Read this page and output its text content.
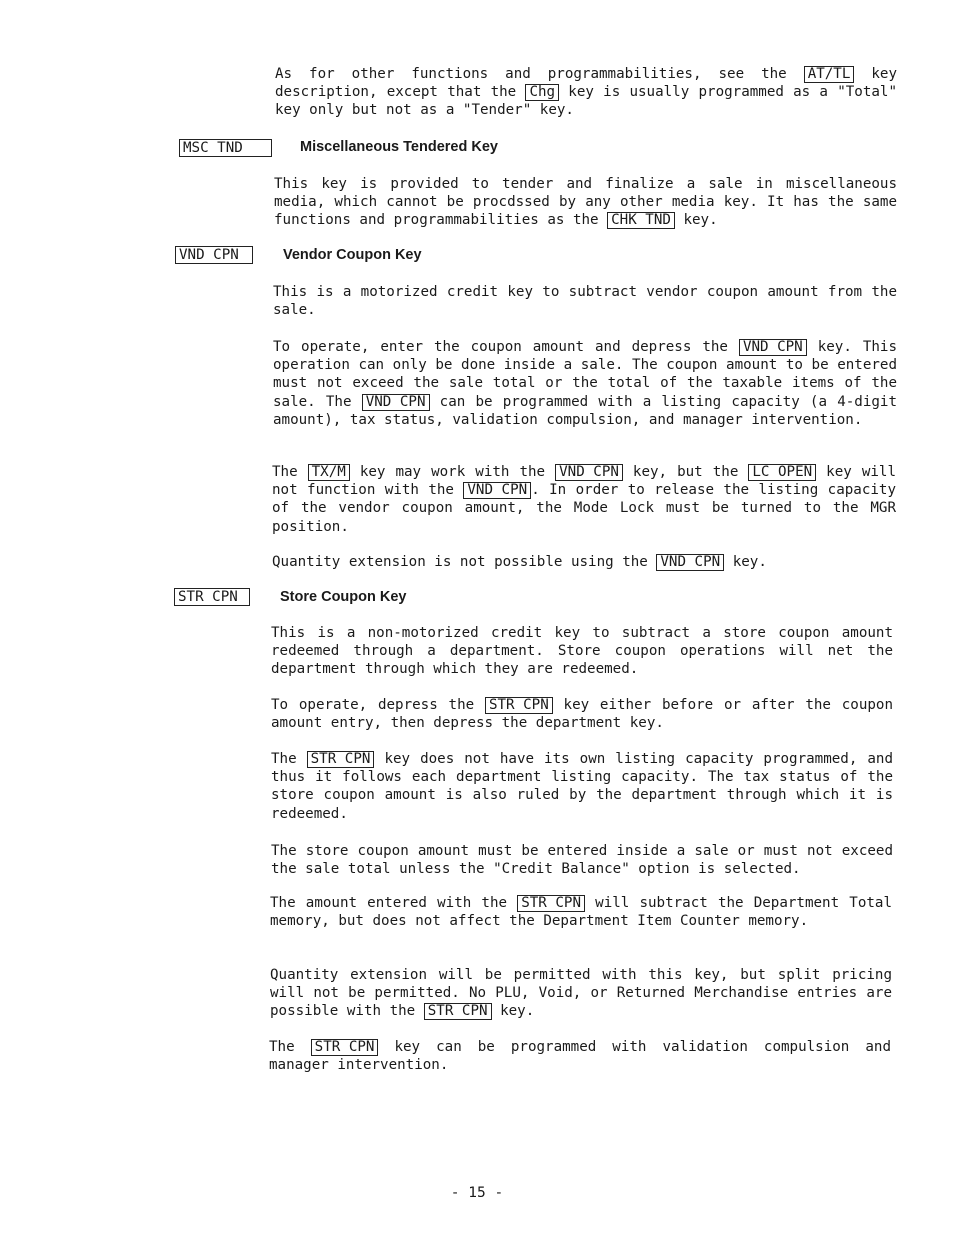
As for other functions and programmabilities, see the AT/TL key description, except that the Chg key is usually programmed as a "Total" key only but not as a "Tender" key.
MSC TND	Miscellaneous Tendered Key
This key is provided to tender and finalize a sale in miscellaneous media, which cannot be procdssed by any other media key. It has the same functions and programmabilities as the CHK TND key.
VND CPN	Vendor Coupon Key
This is a motorized credit key to subtract vendor coupon amount from the sale.
To operate, enter the coupon amount and depress the VND CPN key. This operation can only be done inside a sale. The coupon amount to be entered must not exceed the sale total or the total of the taxable items of the sale. The VND CPN can be programmed with a listing capacity (a 4-digit amount), tax status, validation compulsion, and manager intervention.
The TX/M key may work with the VND CPN key, but the LC OPEN key will not function with the VND CPN . In order to release the listing capacity of the vendor coupon amount, the Mode Lock must be turned to the MGR position.
Quantity extension is not possible using the VND CPN key.
STR CPN	Store Coupon Key
This is a non-motorized credit key to subtract a store coupon amount redeemed through a department. Store coupon operations will net the department through which they are redeemed.
To operate, depress the STR CPN key either before or after the coupon amount entry, then depress the department key.
The STR CPN key does not have its own listing capacity programmed, and thus it follows each department listing capacity. The tax status of the store coupon amount is also ruled by the department through which it is redeemed.
The store coupon amount must be entered inside a sale or must not exceed the sale total unless the "Credit Balance" option is selected.
The amount entered with the STR CPN will subtract the Department Total memory, but does not affect the Department Item Counter memory.
Quantity extension will be permitted with this key, but split pricing will not be permitted. No PLU, Void, or Returned Merchandise entries are possible with the STR CPN key.
The STR CPN key can be programmed with validation compulsion and manager intervention.
- 15 -
